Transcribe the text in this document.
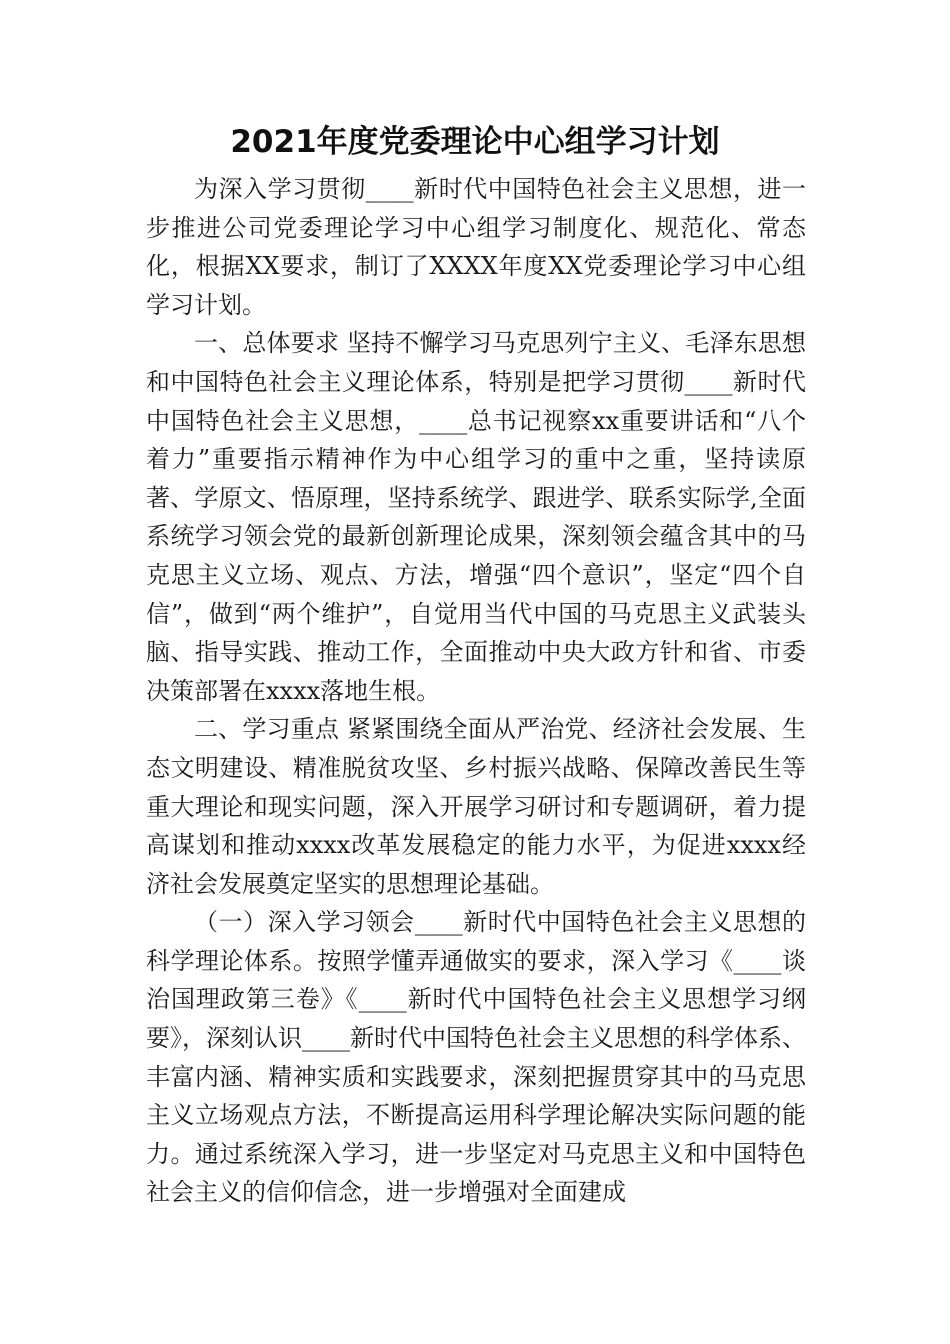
2021年度党委理论中心组学习计划

为深入学习贯彻____新时代中国特色社会主义思想，进一步推进公司党委理论学习中心组学习制度化、规范化、常态化，根据XX要求，制订了XXXX年度XX党委理论学习中心组学习计划。

一、总体要求 坚持不懈学习马克思列宁主义、毛泽东思想和中国特色社会主义理论体系，特别是把学习贯彻____新时代中国特色社会主义思想，____总书记视察xx重要讲话和“八个着力”重要指示精神作为中心组学习的重中之重，坚持读原著、学原文、悟原理，坚持系统学、跟进学、联系实际学,全面系统学习领会党的最新创新理论成果，深刻领会蕴含其中的马克思主义立场、观点、方法，增强“四个意识”，坚定“四个自信”，做到“两个维护”，自觉用当代中国的马克思主义武装头脑、指导实践、推动工作，全面推动中央大政方针和省、市委决策部署在xxxx落地生根。

二、学习重点 紧紧围绕全面从严治党、经济社会发展、生态文明建设、精准脱贫攻坚、乡村振兴战略、保障改善民生等重大理论和现实问题，深入开展学习研讨和专题调研，着力提高谋划和推动xxxx改革发展稳定的能力水平，为促进xxxx经济社会发展奠定坚实的思想理论基础。

（一）深入学习领会____新时代中国特色社会主义思想的科学理论体系。按照学懂弄通做实的要求，深入学习《____谈治国理政第三卷》《____新时代中国特色社会主义思想学习纲要》，深刻认识____新时代中国特色社会主义思想的科学体系、丰富内涵、精神实质和实践要求，深刻把握贯穿其中的马克思主义立场观点方法，不断提高运用科学理论解决实际问题的能力。通过系统深入学习，进一步坚定对马克思主义和中国特色社会主义的信仰信念，进一步增强对全面建成
